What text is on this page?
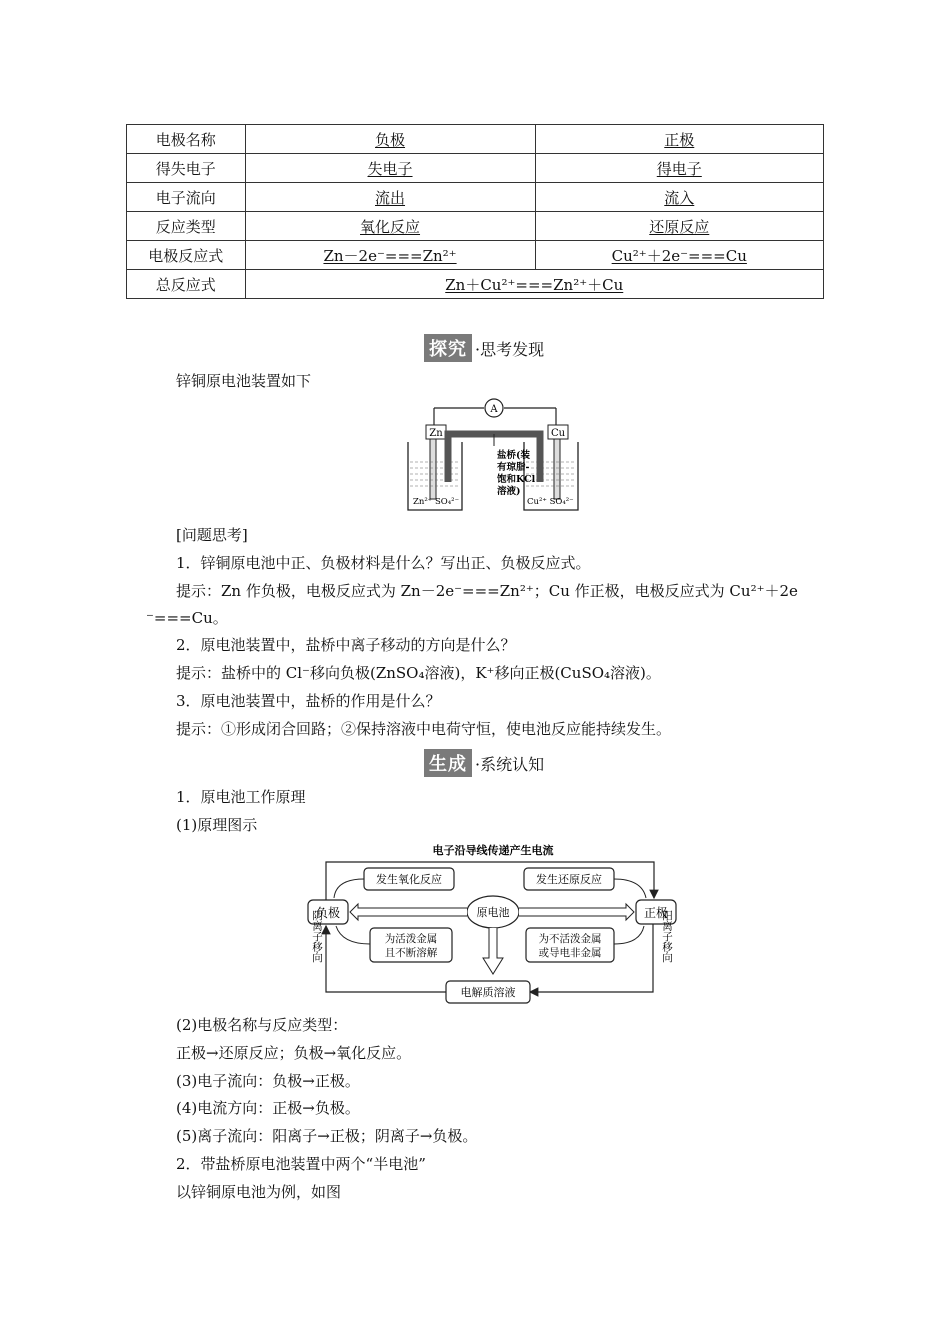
电极名称	负极	正极
得失电子	失电子	得电子
电子流向	流出	流入
反应类型	氧化反应	还原反应
电极反应式	Zn－2e⁻===Zn²⁺	Cu²⁺＋2e⁻===Cu
总反应式	Zn＋Cu²⁺===Zn²⁺＋Cu	
探究 ·思考发现
锌铜原电池装置如下
A
Zn	Cu
盐桥(装
有琼脂-
饱和KCl
溶液)
Zn²⁺ SO₄²⁻	Cu²⁺ SO₄²⁻
[问题思考]
1．锌铜原电池中正、负极材料是什么？写出正、负极反应式。
提示：Zn 作负极，电极反应式为 Zn－2e⁻===Zn²⁺；Cu 作正极，电极反应式为 Cu²⁺＋2e
⁻===Cu。
2．原电池装置中，盐桥中离子移动的方向是什么？
提示：盐桥中的 Cl⁻移向负极(ZnSO₄溶液)，K⁺移向正极(CuSO₄溶液)。
3．原电池装置中，盐桥的作用是什么？
提示：①形成闭合回路；②保持溶液中电荷守恒，使电池反应能持续发生。
生成 ·系统认知
1．原电池工作原理
(1)原理图示
电子沿导线传递产生电流
负极	正极
原电池
发生氧化反应	发生还原反应
为活泼金属
且不断溶解
为不活泼金属
或导电非金属
电解质溶液
阴离子移向	阳离子移向
(2)电极名称与反应类型：
正极→还原反应；负极→氧化反应。
(3)电子流向：负极→正极。
(4)电流方向：正极→负极。
(5)离子流向：阳离子→正极；阴离子→负极。
2．带盐桥原电池装置中两个“半电池”
以锌铜原电池为例，如图
